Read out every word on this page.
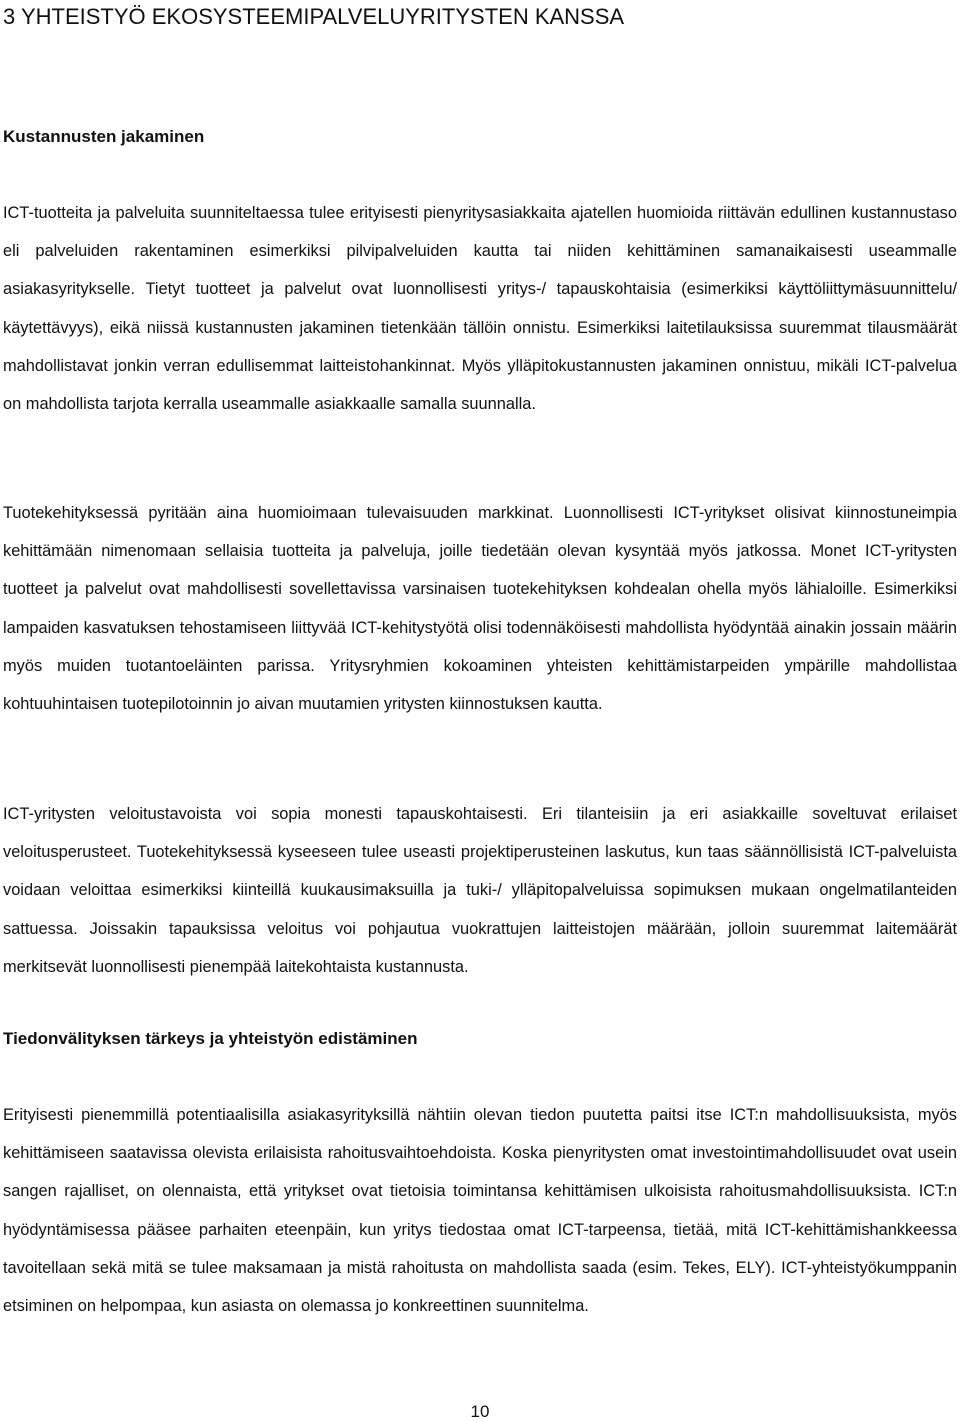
3 YHTEISTYÖ EKOSYSTEEMIPALVELUYRITYSTEN KANSSA
Kustannusten jakaminen

ICT-tuotteita ja palveluita suunniteltaessa tulee erityisesti pienyritysasiakkaita ajatellen huomioida riittävän edullinen kustannustaso eli palveluiden rakentaminen esimerkiksi pilvipalveluiden kautta tai niiden kehittäminen samanaikaisesti useammalle asiakasyritykselle. Tietyt tuotteet ja palvelut ovat luonnollisesti yritys-/ tapauskohtaisia (esimerkiksi käyttöliittymäsuunnittelu/ käytettävyys), eikä niissä kustannusten jakaminen tietenkään tällöin onnistu. Esimerkiksi laitetilauksissa suuremmat tilausmäärät mahdollistavat jonkin verran edullisemmat laitteistohankinnat. Myös ylläpitokustannusten jakaminen onnistuu, mikäli ICT-palvelua on mahdollista tarjota kerralla useammalle asiakkaalle samalla suunnalla.

Tuotekehityksessä pyritään aina huomioimaan tulevaisuuden markkinat. Luonnollisesti ICT-yritykset olisivat kiinnostuneimpia kehittämään nimenomaan sellaisia tuotteita ja palveluja, joille tiedetään olevan kysyntää myös jatkossa. Monet ICT-yritysten tuotteet ja palvelut ovat mahdollisesti sovellettavissa varsinaisen tuotekehityksen kohdealan ohella myös lähialoille. Esimerkiksi lampaiden kasvatuksen tehostamiseen liittyvää ICT-kehitystyötä olisi todennäköisesti mahdollista hyödyntää ainakin jossain määrin myös muiden tuotantoeläinten parissa. Yritysryhmien kokoaminen yhteisten kehittämistarpeiden ympärille mahdollistaa kohtuuhintaisen tuotepilotoinnin jo aivan muutamien yritysten kiinnostuksen kautta.

ICT-yritysten veloitustavoista voi sopia monesti tapauskohtaisesti. Eri tilanteisiin ja eri asiakkaille soveltuvat erilaiset veloitusperusteet. Tuotekehityksessä kyseeseen tulee useasti projektiperusteinen laskutus, kun taas säännöllisistä ICT-palveluista voidaan veloittaa esimerkiksi kiinteillä kuukausimaksuilla ja tuki-/ ylläpitopalveluissa sopimuksen mukaan ongelmatilanteiden sattuessa. Joissakin tapauksissa veloitus voi pohjautua vuokrattujen laitteistojen määrään, jolloin suuremmat laitemäärät merkitsevät luonnollisesti pienempää laitekohtaista kustannusta.

Tiedonvälityksen tärkeys ja yhteistyön edistäminen

Erityisesti pienemmillä potentiaalisilla asiakasyrityksillä nähtiin olevan tiedon puutetta paitsi itse ICT:n mahdollisuuksista, myös kehittämiseen saatavissa olevista erilaisista rahoitusvaihtoehdoista. Koska pienyritysten omat investointimahdollisuudet ovat usein sangen rajalliset, on olennaista, että yritykset ovat tietoisia toimintansa kehittämisen ulkoisista rahoitusmahdollisuuksista. ICT:n hyödyntämisessa pääsee parhaiten eteenpäin, kun yritys tiedostaa omat ICT-tarpeensa, tietää, mitä ICT-kehittämishankkeessa tavoitellaan sekä mitä se tulee maksamaan ja mistä rahoitusta on mahdollista saada (esim. Tekes, ELY). ICT-yhteistyökumppanin etsiminen on helpompaa, kun asiasta on olemassa jo konkreettinen suunnitelma.

10
